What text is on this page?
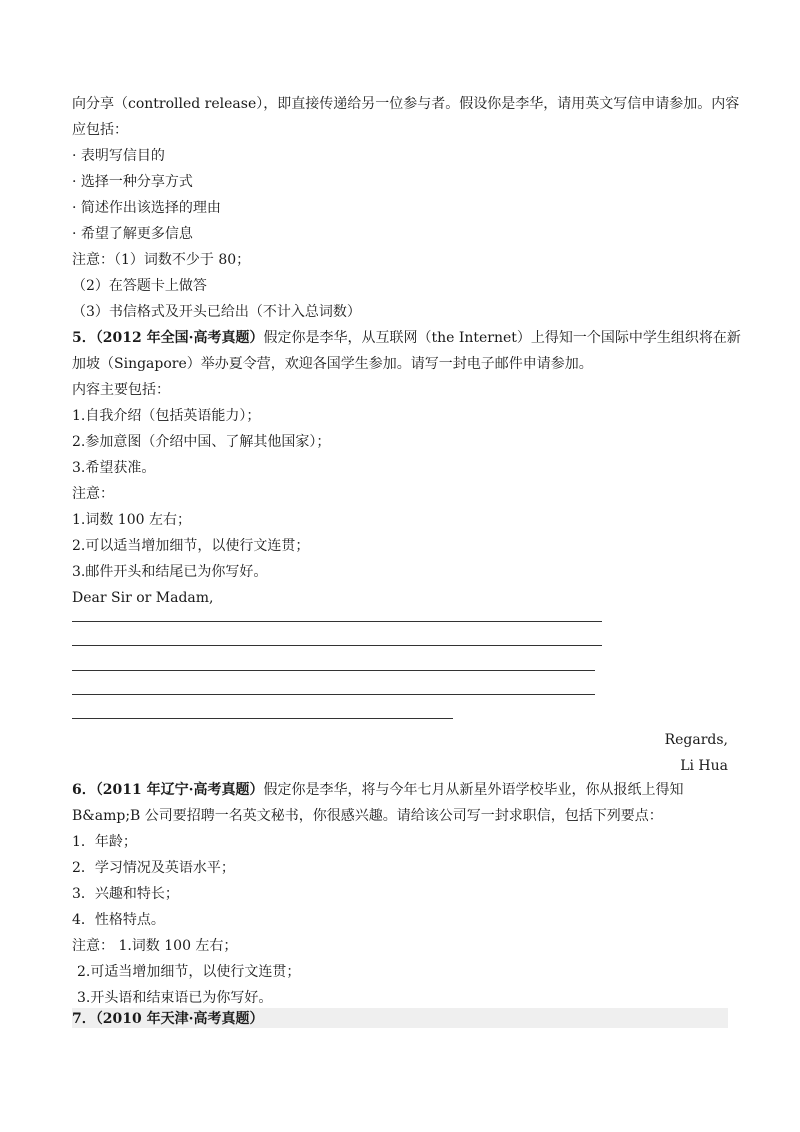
向分享（controlled release），即直接传递给另一位参与者。假设你是李华，请用英文写信申请参加。内容
应包括：
· 表明写信目的
· 选择一种分享方式
· 简述作出该选择的理由
· 希望了解更多信息
注意：（1）词数不少于 80；
（2）在答题卡上做答
（3）书信格式及开头已给出（不计入总词数）
5．（2012 年全国·高考真题）假定你是李华，从互联网（the Internet）上得知一个国际中学生组织将在新
加坡（Singapore）举办夏令营，欢迎各国学生参加。请写一封电子邮件申请参加。
内容主要包括：
1.自我介绍（包括英语能力）；
2.参加意图（介绍中国、了解其他国家）；
3.希望获准。
注意：
1.词数 100 左右；
2.可以适当增加细节，以使行文连贯；
3.邮件开头和结尾已为你写好。
Dear Sir or Madam,
Regards,
Li Hua
6．（2011 年辽宁·高考真题）假定你是李华，将与今年七月从新星外语学校毕业，你从报纸上得知
B&amp;B 公司要招聘一名英文秘书，你很感兴趣。请给该公司写一封求职信，包括下列要点：
1．年龄；
2．学习情况及英语水平；
3．兴趣和特长；
4．性格特点。
注意： 1.词数 100 左右；
2.可适当增加细节，以使行文连贯；
3.开头语和结束语已为你写好。
7．（2010 年天津·高考真题）
